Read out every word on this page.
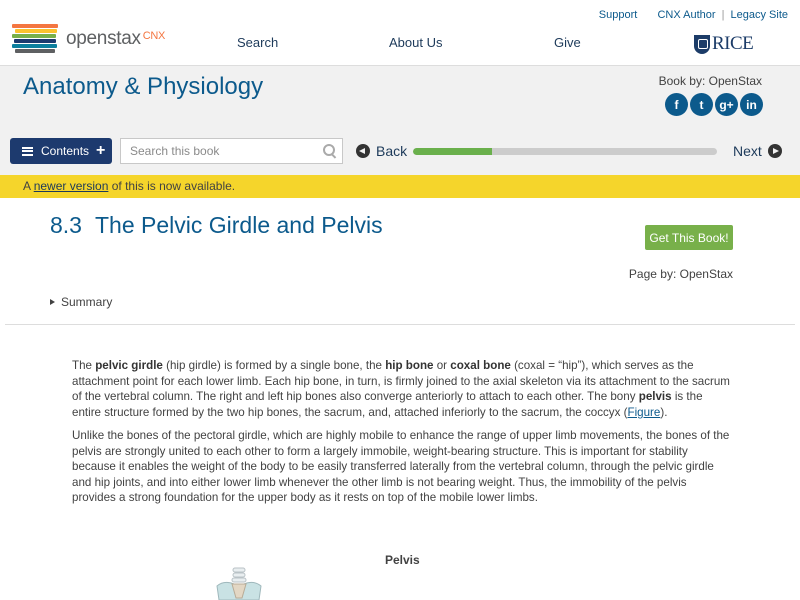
openstax $^{CNX}$
Support CNX Author | Legacy Site
Search	About Us	Give	RICE
Anatomy & Physiology	Book by: OpenStax
f	t	g+	in
Contents +
Search this book	Back	Next
A newer version of this is now available.
8.3 The Pelvic Girdle and Pelvis	Get This Book!
Page by: OpenStax
Summary

The pelvic girdle (hip girdle) is formed by a single bone, the hip bone or coxal bone (coxal = “hip”), which serves as the attachment point for each lower limb. Each hip bone, in turn, is firmly joined to the axial skeleton via its attachment to the sacrum of the vertebral column. The right and left hip bones also converge anteriorly to attach to each other. The bony pelvis is the entire structure formed by the two hip bones, the sacrum, and, attached inferiorly to the sacrum, the coccyx (Figure).

Unlike the bones of the pectoral girdle, which are highly mobile to enhance the range of upper limb movements, the bones of the pelvis are strongly united to each other to form a largely immobile, weight-bearing structure. This is important for stability because it enables the weight of the body to be easily transferred laterally from the vertebral column, through the pelvic girdle and hip joints, and into either lower limb whenever the other limb is not bearing weight. Thus, the immobility of the pelvis provides a strong foundation for the upper body as it rests on top of the mobile lower limbs.

Pelvis
